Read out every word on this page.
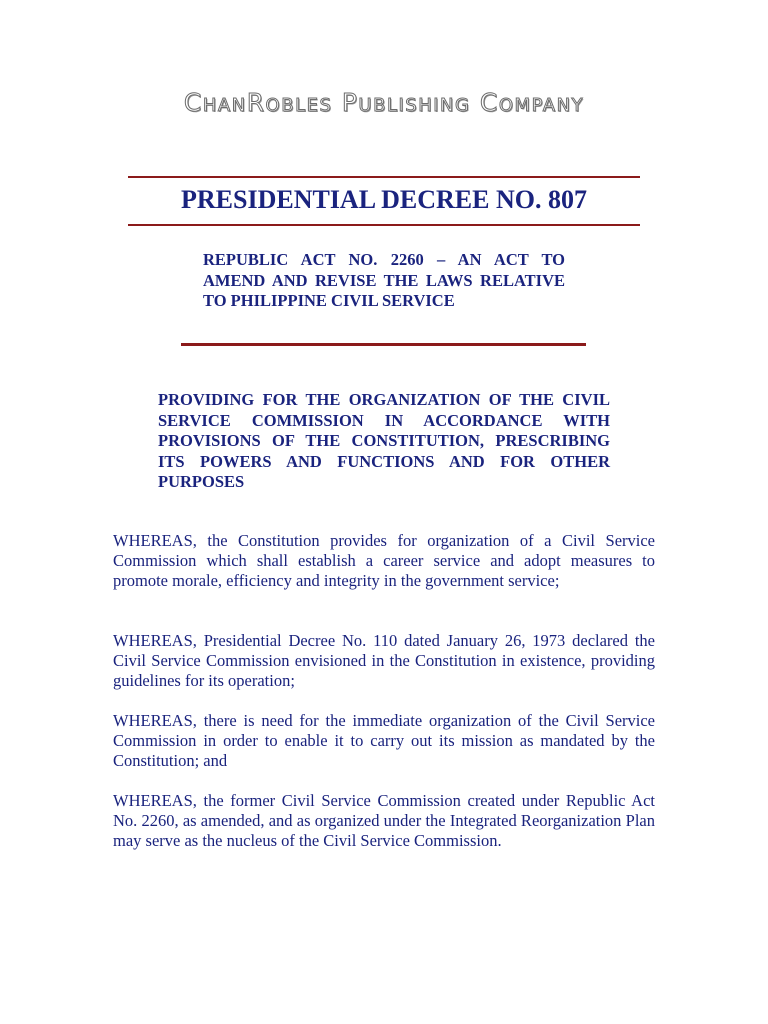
ChanRobles Publishing Company
PRESIDENTIAL DECREE NO. 807
REPUBLIC ACT NO. 2260 – AN ACT TO AMEND AND REVISE THE LAWS RELATIVE TO PHILIPPINE CIVIL SERVICE
PROVIDING FOR THE ORGANIZATION OF THE CIVIL SERVICE COMMISSION IN ACCORDANCE WITH PROVISIONS OF THE CONSTITUTION, PRESCRIBING ITS POWERS AND FUNCTIONS AND FOR OTHER PURPOSES

WHEREAS, the Constitution provides for organization of a Civil Service Commission which shall establish a career service and adopt measures to promote morale, efficiency and integrity in the government service;

WHEREAS, Presidential Decree No. 110 dated January 26, 1973 declared the Civil Service Commission envisioned in the Constitution in existence, providing guidelines for its operation;

WHEREAS, there is need for the immediate organization of the Civil Service Commission in order to enable it to carry out its mission as mandated by the Constitution; and

WHEREAS, the former Civil Service Commission created under Republic Act No. 2260, as amended, and as organized under the Integrated Reorganization Plan may serve as the nucleus of the Civil Service Commission.
